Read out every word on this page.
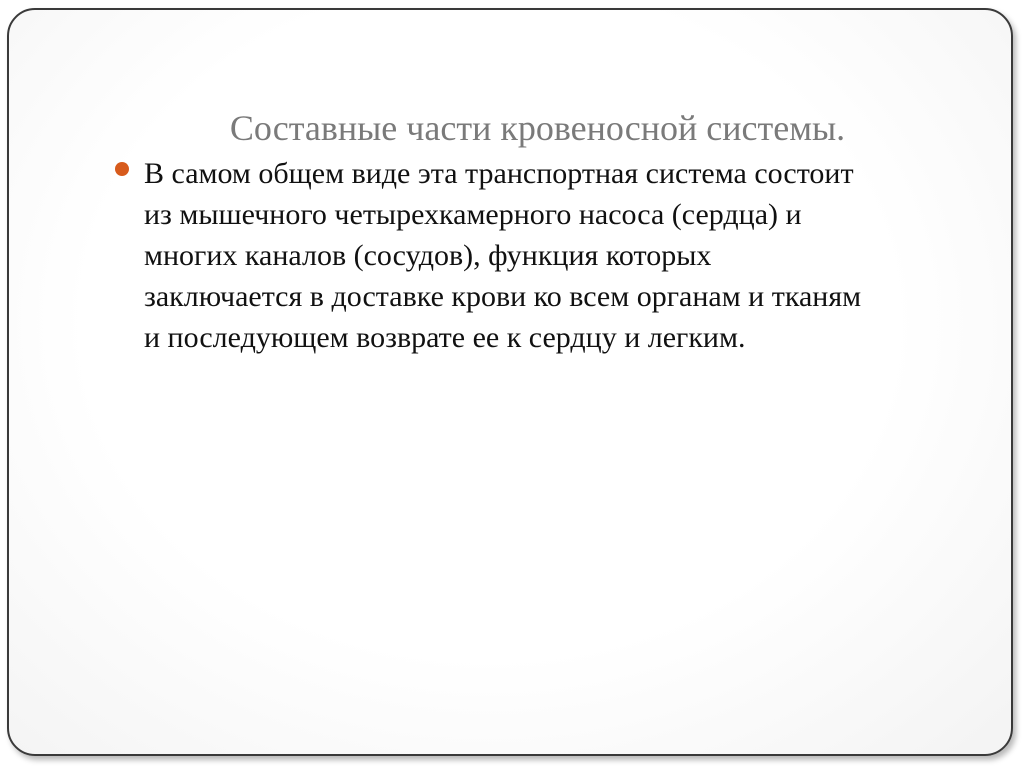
Составные части кровеносной системы.
В самом общем виде эта транспортная система состоит
из мышечного четырехкамерного насоса (сердца) и
многих каналов (сосудов), функция которых
заключается в доставке крови ко всем органам и тканям
и последующем возврате ее к сердцу и легким.
